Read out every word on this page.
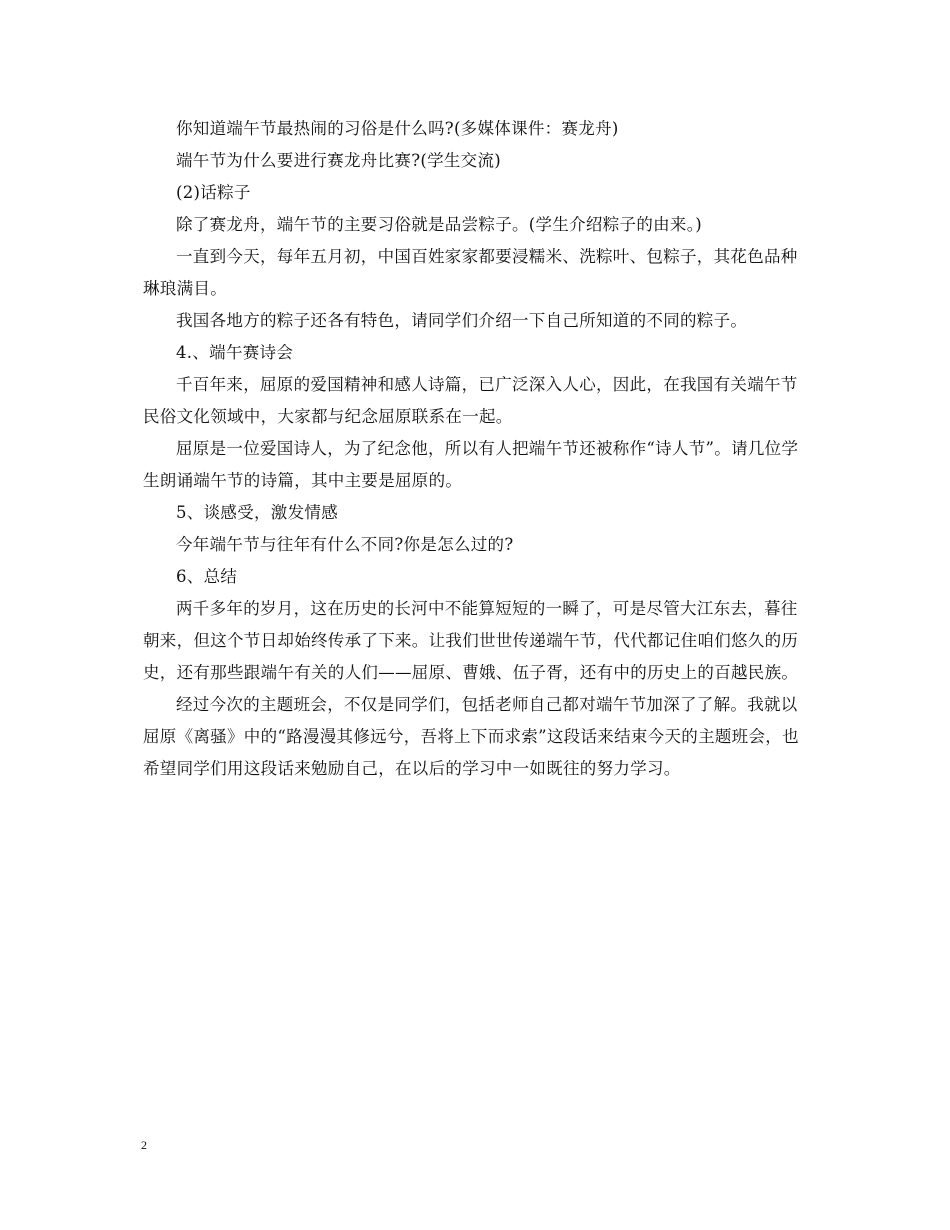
你知道端午节最热闹的习俗是什么吗?(多媒体课件：赛龙舟)

端午节为什么要进行赛龙舟比赛?(学生交流)

(2)话粽子

除了赛龙舟，端午节的主要习俗就是品尝粽子。(学生介绍粽子的由来。)

一直到今天，每年五月初，中国百姓家家都要浸糯米、洗粽叶、包粽子，其花色品种琳琅满目。

我国各地方的粽子还各有特色，请同学们介绍一下自己所知道的不同的粽子。

4.、端午赛诗会

千百年来，屈原的爱国精神和感人诗篇，已广泛深入人心，因此，在我国有关端午节民俗文化领域中，大家都与纪念屈原联系在一起。

屈原是一位爱国诗人，为了纪念他，所以有人把端午节还被称作“诗人节”。请几位学生朗诵端午节的诗篇，其中主要是屈原的。

5、谈感受，激发情感

今年端午节与往年有什么不同?你是怎么过的?

6、总结

两千多年的岁月，这在历史的长河中不能算短短的一瞬了，可是尽管大江东去，暮往朝来，但这个节日却始终传承了下来。让我们世世传递端午节，代代都记住咱们悠久的历史，还有那些跟端午有关的人们——屈原、曹娥、伍子胥，还有中的历史上的百越民族。

经过今次的主题班会，不仅是同学们，包括老师自己都对端午节加深了了解。我就以屈原《离骚》中的“路漫漫其修远兮，吾将上下而求索”这段话来结束今天的主题班会，也希望同学们用这段话来勉励自己，在以后的学习中一如既往的努力学习。

2
